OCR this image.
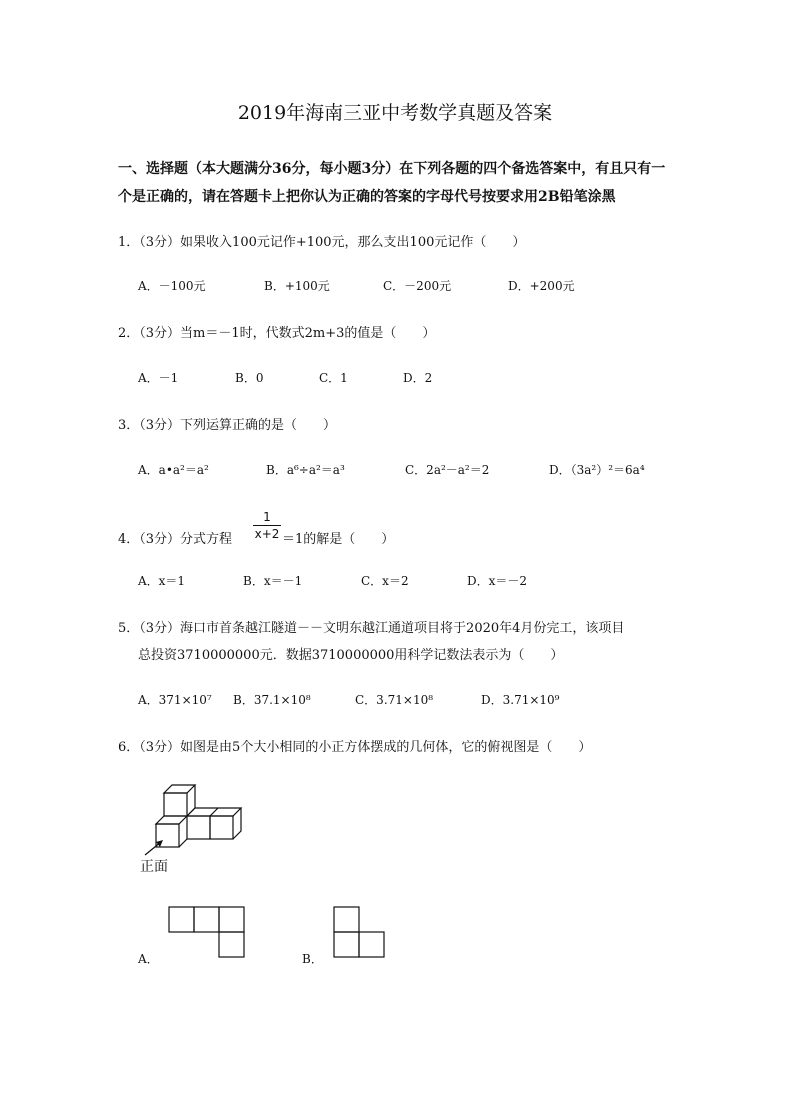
2019年海南三亚中考数学真题及答案
一、选择题（本大题满分36分，每小题3分）在下列各题的四个备选答案中，有且只有一
个是正确的，请在答题卡上把你认为正确的答案的字母代号按要求用2B铅笔涂黑
1．（3分）如果收入100元记作+100元，那么支出100元记作（　　）
A．－100元	B．+100元	C．－200元	D．+200元
2．（3分）当m＝－1时，代数式2m+3的值是（　　）
A．－1	B．0	C．1	D．2
3．（3分）下列运算正确的是（　　）
A．a•a²＝a²	B．a⁶÷a²＝a³	C．2a²－a²＝2	D．（3a²）²＝6a⁴
4．（3分）分式方程
1
x+2 ＝1的解是（　　）
A．x＝1	B．x＝－1	C．x＝2	D．x＝－2
5．（3分）海口市首条越江隧道－－文明东越江通道项目将于2020年4月份完工，该项目
总投资3710000000元．数据3710000000用科学记数法表示为（　　）
A．371×10⁷ B．37.1×10⁸	C．3.71×10⁸	D．3.71×10⁹
6．（3分）如图是由5个大小相同的小正方体摆成的几何体，它的俯视图是（　　）
正面
A．	B．
